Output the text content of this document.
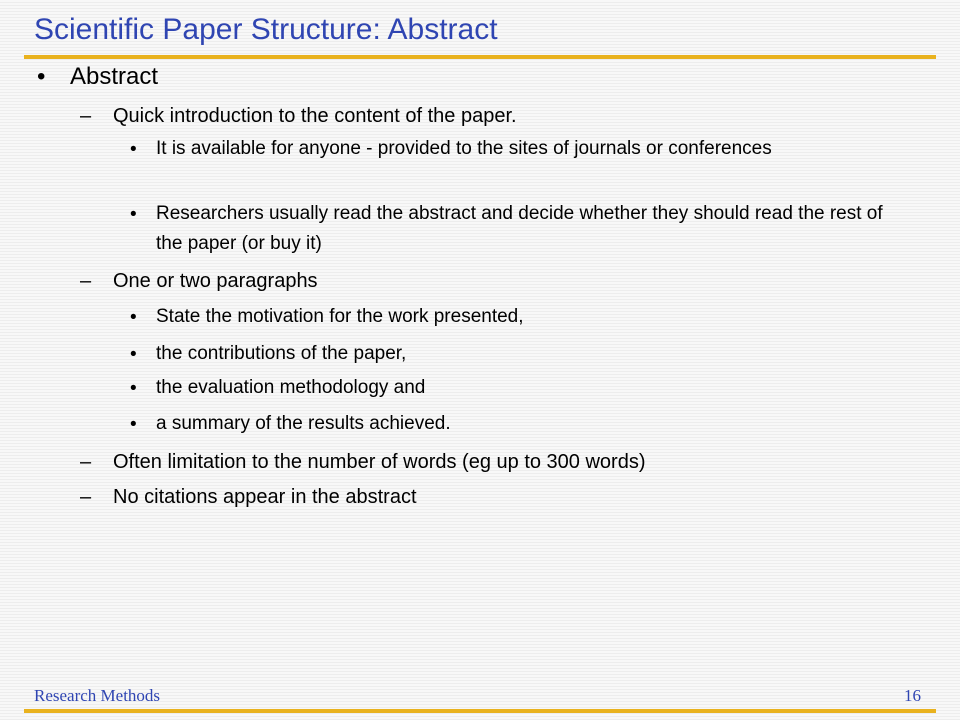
Scientific Paper Structure: Abstract
• Abstract
– Quick introduction to the content of the paper.
• It is available for anyone - provided to the sites of journals or conferences
• Researchers usually read the abstract and decide whether they should read the rest of the paper (or buy it)
– One or two paragraphs
• State the motivation for the work presented,
• the contributions of the paper,
• the evaluation methodology and
• a summary of the results achieved.
– Often limitation to the number of words (eg up to 300 words)
– No citations appear in the abstract
Research Methods	16
